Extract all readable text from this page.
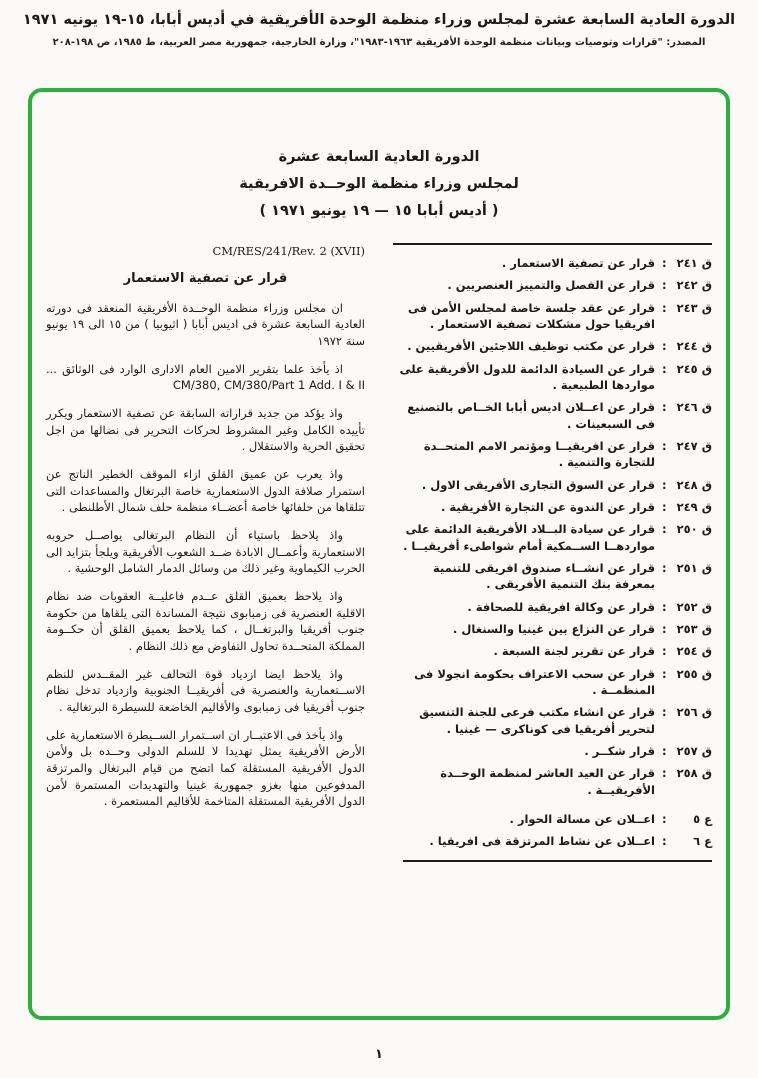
الدورة العادية السابعة عشرة لمجلس وزراء منظمة الوحدة الأفريقية في أديس أبابا، ١٥-١٩ يونيه ١٩٧١
المصدر: "قرارات وتوصيات وبيانات منظمة الوحدة الأفريقية ١٩٦٣-١٩٨٣"، وزارة الخارجية، جمهورية مصر العربية، ط ١٩٨٥، ص ١٩٨-٢٠٨
الدورة العادية السابعة عشرة
لمجلس وزراء منظمة الوحــدة الافريقية
( أديس أبابا ١٥ — ١٩ يونيو ١٩٧١ )

CM/RES/241/Rev. 2 (XVII)

قرار عن تصفية الاستعمار

ان مجلس وزراء منظمة الوحــدة الأفريقية المنعقد فى دورته العادية السابعة عشرة فى اديس أبابا ( اثيوبيا ) من ١٥ الى ١٩ يونيو سنة ١٩٧٢

اذ يأخذ علما بتقرير الامين العام الادارى الوارد فى الوثائق ... CM/380, CM/380/Part 1 Add. I & II

واذ يؤكد من جديد قراراته السابقة عن تصفية الاستعمار ويكرر تأييده الكامل وغير المشروط لحركات التحرير فى نضالها من اجل تحقيق الحرية والاستقلال .

واذ يعرب عن عميق القلق ازاء الموقف الخطير الناتج عن استمرار صلافة الدول الاستعمارية خاصة البرتغال والمساعدات التى تتلقاها من حلفائها خاصة أعضــاء منظمة حلف شمال الأطلنطى .

واذ يلاحظ باستياء أن النظام البرتغالى يواصــل حروبه الاستعمارية وأعمــال الابادة ضــد الشعوب الأفريقية ويلجأ بتزايد الى الحرب الكيماوية وغير ذلك من وسائل الدمار الشامل الوحشية .

واذ يلاحظ بعميق القلق عــدم فاعليــة العقوبات ضد نظام الاقلية العنصرية فى زمبابوى نتيجة المساندة التى يلقاها من حكومة جنوب أفريقيا والبرتغــال ، كما يلاحظ بعميق القلق أن حكــومة المملكة المتحــدة تحاول التفاوض مع ذلك النظام .

واذ يلاحظ ايضا ازدياد قوة التحالف غير المقــدس للنظم الاســتعمارية والعنصرية فى أفريقيــا الجنوبية وازدياد تدخل نظام جنوب أفريقيا فى زمبابوى والأقاليم الخاضعة للسيطرة البرتغالية .

واذ يأخذ فى الاعتبــار ان اســتمرار الســيطرة الاستعمارية على الأرض الأفريقية يمثل تهديدا لا للسلم الدولى وحــده بل ولأمن الدول الأفريقية المستقلة كما اتضح من قيام البرتغال والمرتزقة المدفوعين منها بغزو جمهورية غينيا والتهديدات المستمرة لأمن الدول الأفريقية المستقلة المتاخمة للأقاليم المستعمرة .

ق ٢٤١
:
قرار عن تصفية الاستعمار .
ق ٢٤٢
:
قرار عن الفصل والتمييز العنصريين .
ق ٢٤٣
:
قرار عن عقد جلسة خاصة لمجلس الأمن فى افريقيا حول مشكلات تصفية الاستعمار .
ق ٢٤٤
:
قرار عن مكتب توظيف اللاجئين الأفريقيين .
ق ٢٤٥
:
قرار عن السيادة الدائمة للدول الأفريقية على مواردها الطبيعية .
ق ٢٤٦
:
قرار عن اعــلان اديس أبابا الخــاص بالتصنيع فى السبعينات .
ق ٢٤٧
:
قرار عن افريقيــا ومؤتمر الامم المتحــدة للتجارة والتنمية .
ق ٢٤٨
:
قرار عن السوق التجارى الأفريقى الاول .
ق ٢٤٩
:
قرار عن الندوة عن التجارة الأفريقية .
ق ٢٥٠
:
قرار عن سيادة البــلاد الأفريقية الدائمة على مواردهــا الســمكية أمام شواطىء أفريقيــا .
ق ٢٥١
:
قرار عن انشــاء صندوق افريقى للتنمية بمعرفة بنك التنمية الأفريقى .
ق ٢٥٢
:
قرار عن وكالة افريقية للصحافة .
ق ٢٥٣
:
قرار عن النزاع بين غينيا والسنغال .
ق ٢٥٤
:
قرار عن تقرير لجنة السبعة .
ق ٢٥٥
:
قرار عن سحب الاعتراف بحكومة انجولا فى المنظمــة .
ق ٢٥٦
:
قرار عن انشاء مكتب فرعى للجنة التنسيق لتحرير أفريقيا فى كوناكرى — غينيا .
ق ٢٥٧
:
قرار شكــر .
ق ٢٥٨
:
قرار عن العيد العاشر لمنظمة الوحــدة الأفريقيــة .
ع ٥
:
اعــلان عن مسالة الحوار .
ع ٦
:
اعــلان عن نشاط المرتزقة فى افريقيا .
١
